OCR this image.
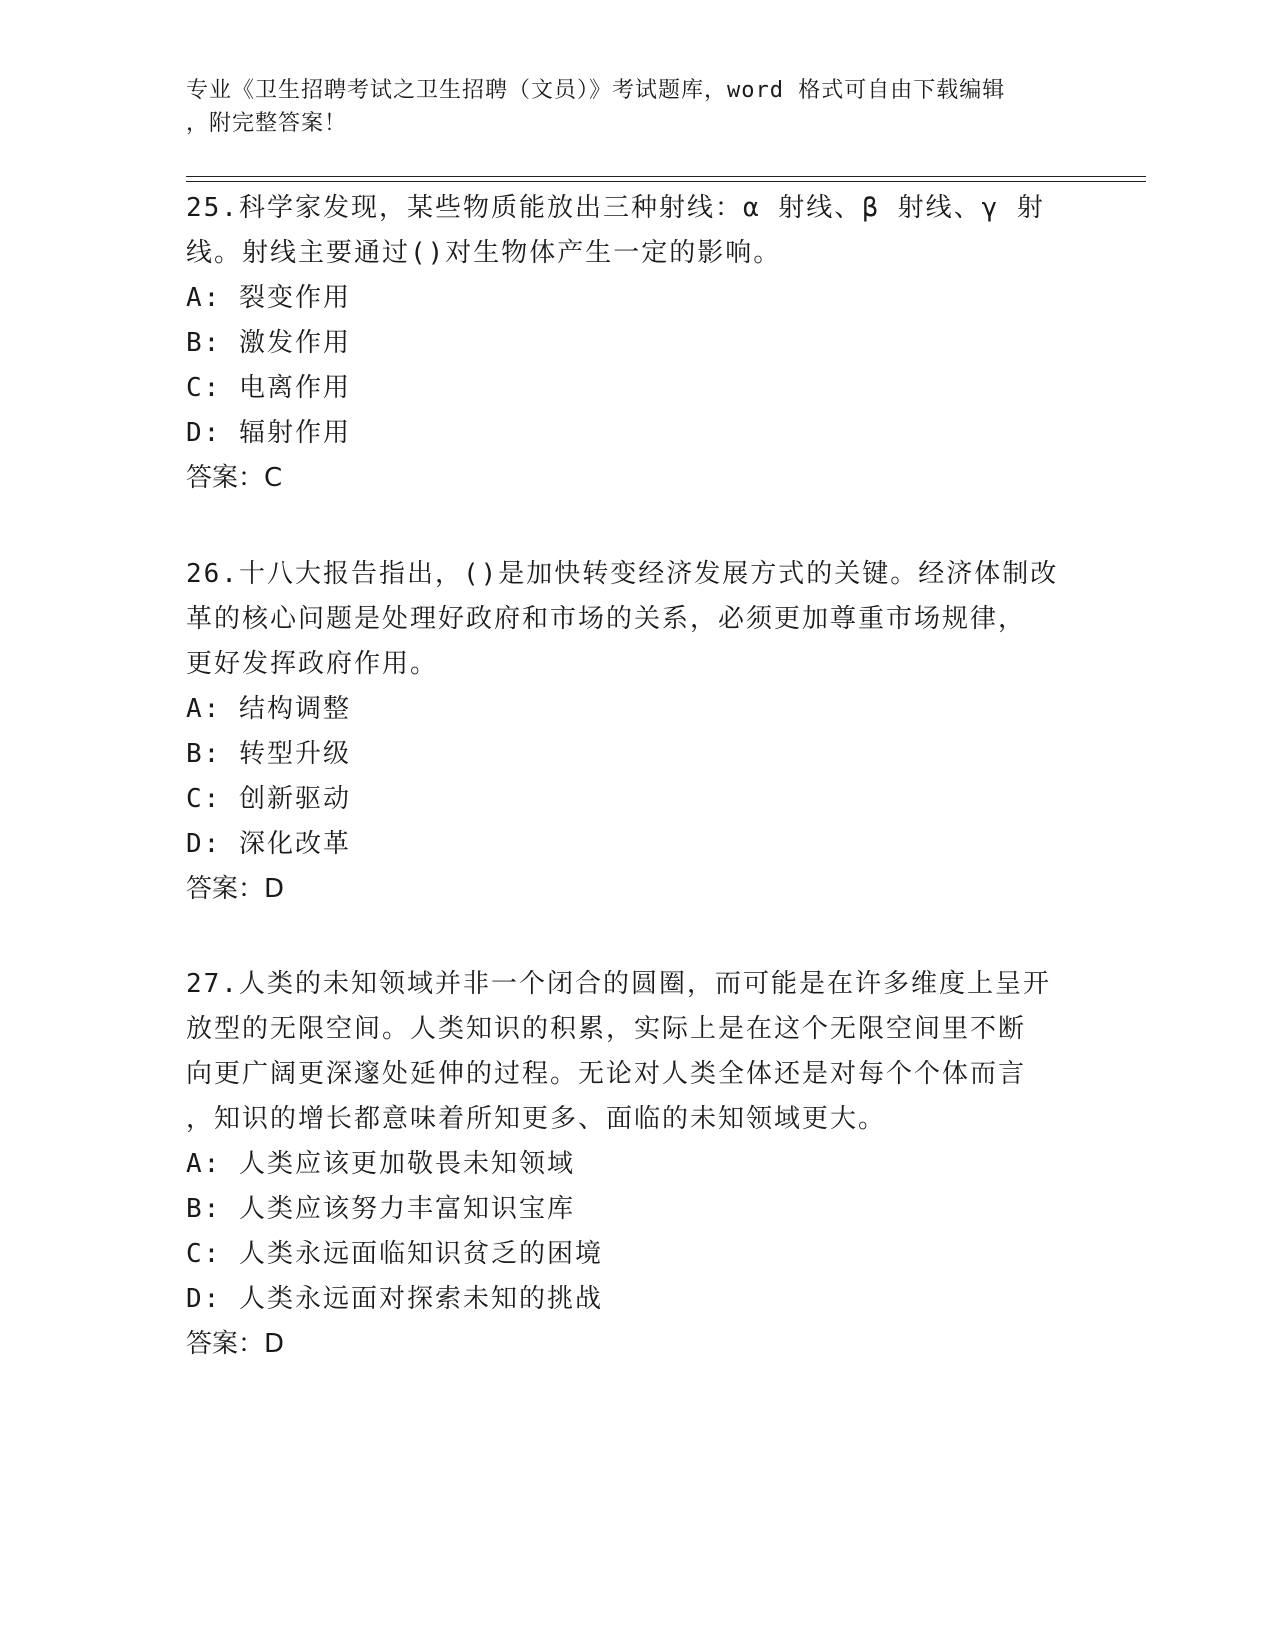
专业《卫生招聘考试之卫生招聘（文员）》考试题库，word 格式可自由下载编辑
，附完整答案！

25.科学家发现，某些物质能放出三种射线：α 射线、β 射线、γ 射

线。射线主要通过()对生物体产生一定的影响。

A: 裂变作用

B: 激发作用

C: 电离作用

D: 辐射作用

答案：C

26.十八大报告指出，()是加快转变经济发展方式的关键。经济体制改

革的核心问题是处理好政府和市场的关系，必须更加尊重市场规律，

更好发挥政府作用。

A: 结构调整

B: 转型升级

C: 创新驱动

D: 深化改革

答案：D

27.人类的未知领域并非一个闭合的圆圈，而可能是在许多维度上呈开

放型的无限空间。人类知识的积累，实际上是在这个无限空间里不断

向更广阔更深邃处延伸的过程。无论对人类全体还是对每个个体而言

，知识的增长都意味着所知更多、面临的未知领域更大。

A: 人类应该更加敬畏未知领域

B: 人类应该努力丰富知识宝库

C: 人类永远面临知识贫乏的困境

D: 人类永远面对探索未知的挑战

答案：D
